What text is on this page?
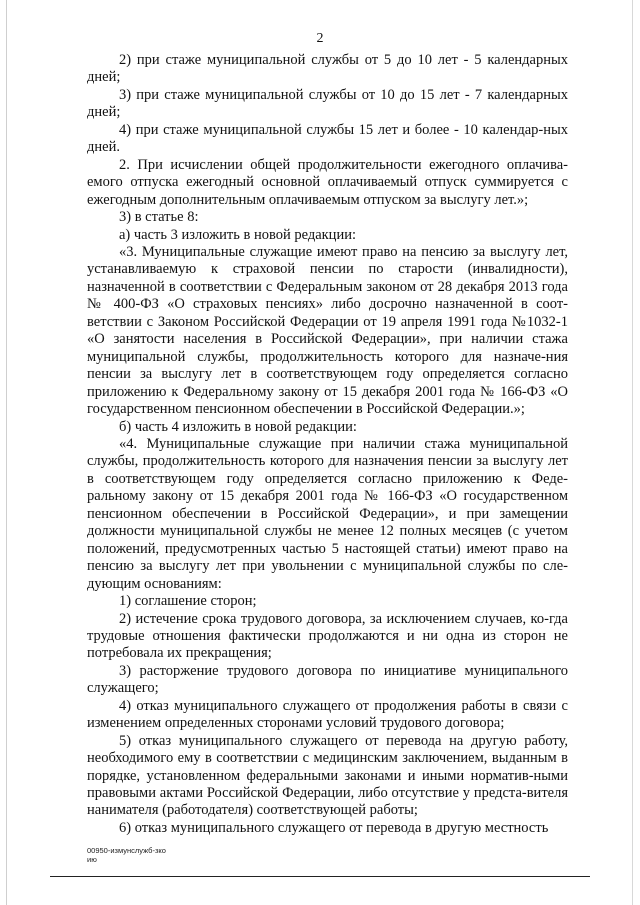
2

2) при стаже муниципальной службы от 5 до 10 лет - 5 календарных дней;

3) при стаже муниципальной службы от 10 до 15 лет - 7 календарных дней;

4) при стаже муниципальной службы 15 лет и более - 10 календар-ных дней.

2. При исчислении общей продолжительности ежегодного оплачива-емого отпуска ежегодный основной оплачиваемый отпуск суммируется с ежегодным дополнительным оплачиваемым отпуском за выслугу лет.»;

3) в статье 8:

а) часть 3 изложить в новой редакции:

«3. Муниципальные служащие имеют право на пенсию за выслугу лет, устанавливаемую к страховой пенсии по старости (инвалидности), назначенной в соответствии с Федеральным законом от 28 декабря 2013 года № 400-ФЗ «О страховых пенсиях» либо досрочно назначенной в соот-ветствии с Законом Российской Федерации от 19 апреля 1991 года №1032-1 «О занятости населения в Российской Федерации», при наличии стажа муниципальной службы, продолжительность которого для назначе-ния пенсии за выслугу лет в соответствующем году определяется согласно приложению к Федеральному закону от 15 декабря 2001 года № 166-ФЗ «О государственном пенсионном обеспечении в Российской Федерации.»;

б) часть 4 изложить в новой редакции:

«4. Муниципальные служащие при наличии стажа муниципальной службы, продолжительность которого для назначения пенсии за выслугу лет в соответствующем году определяется согласно приложению к Феде-ральному закону от 15 декабря 2001 года № 166-ФЗ «О государственном пенсионном обеспечении в Российской Федерации», и при замещении должности муниципальной службы не менее 12 полных месяцев (с учетом положений, предусмотренных частью 5 настоящей статьи) имеют право на пенсию за выслугу лет при увольнении с муниципальной службы по сле-дующим основаниям:

1) соглашение сторон;

2) истечение срока трудового договора, за исключением случаев, ко-гда трудовые отношения фактически продолжаются и ни одна из сторон не потребовала их прекращения;

3) расторжение трудового договора по инициативе муниципального служащего;

4) отказ муниципального служащего от продолжения работы в связи с изменением определенных сторонами условий трудового договора;

5) отказ муниципального служащего от перевода на другую работу, необходимого ему в соответствии с медицинским заключением, выданным в порядке, установленном федеральными законами и иными норматив-ными правовыми актами Российской Федерации, либо отсутствие у предста-вителя нанимателя (работодателя) соответствующей работы;

6) отказ муниципального служащего от перевода в другую местность

00950-измунслужб-зко
ию
